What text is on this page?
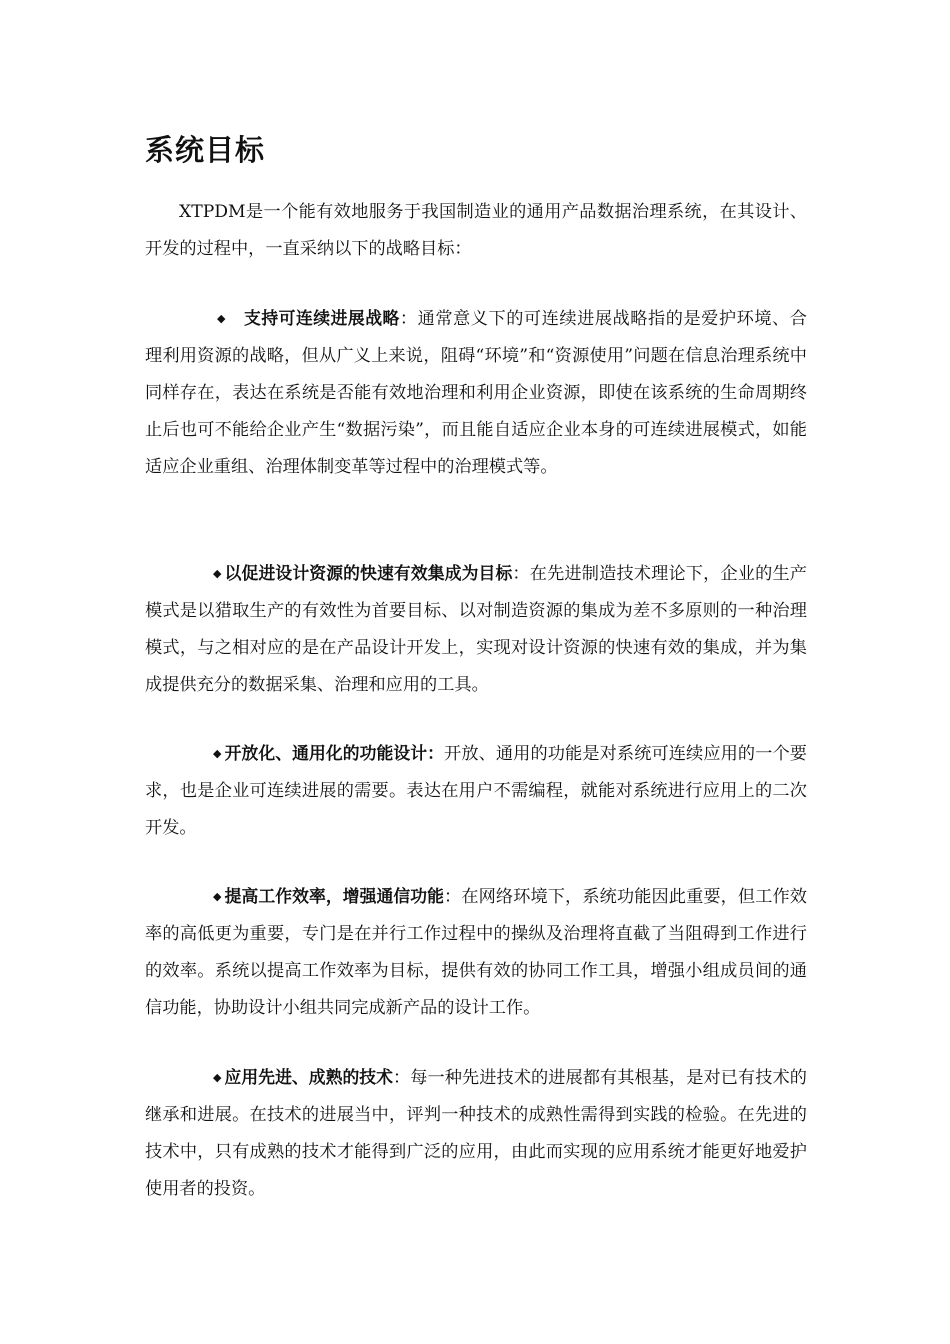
系统目标

XTPDM是一个能有效地服务于我国制造业的通用产品数据治理系统，在其设计、开发的过程中，一直采纳以下的战略目标：

◆ 支持可连续进展战略：通常意义下的可连续进展战略指的是爱护环境、合理利用资源的战略，但从广义上来说，阻碍“环境”和“资源使用”问题在信息治理系统中同样存在，表达在系统是否能有效地治理和利用企业资源，即使在该系统的生命周期终止后也可不能给企业产生“数据污染”，而且能自适应企业本身的可连续进展模式，如能适应企业重组、治理体制变革等过程中的治理模式等。

◆ 以促进设计资源的快速有效集成为目标：在先进制造技术理论下，企业的生产模式是以猎取生产的有效性为首要目标、以对制造资源的集成为差不多原则的一种治理模式，与之相对应的是在产品设计开发上，实现对设计资源的快速有效的集成，并为集成提供充分的数据采集、治理和应用的工具。

◆ 开放化、通用化的功能设计：开放、通用的功能是对系统可连续应用的一个要求，也是企业可连续进展的需要。表达在用户不需编程，就能对系统进行应用上的二次开发。

◆ 提高工作效率，增强通信功能：在网络环境下，系统功能因此重要，但工作效率的高低更为重要，专门是在并行工作过程中的操纵及治理将直截了当阻碍到工作进行的效率。系统以提高工作效率为目标，提供有效的协同工作工具，增强小组成员间的通信功能，协助设计小组共同完成新产品的设计工作。

◆ 应用先进、成熟的技术：每一种先进技术的进展都有其根基，是对已有技术的继承和进展。在技术的进展当中，评判一种技术的成熟性需得到实践的检验。在先进的技术中，只有成熟的技术才能得到广泛的应用，由此而实现的应用系统才能更好地爱护使用者的投资。
